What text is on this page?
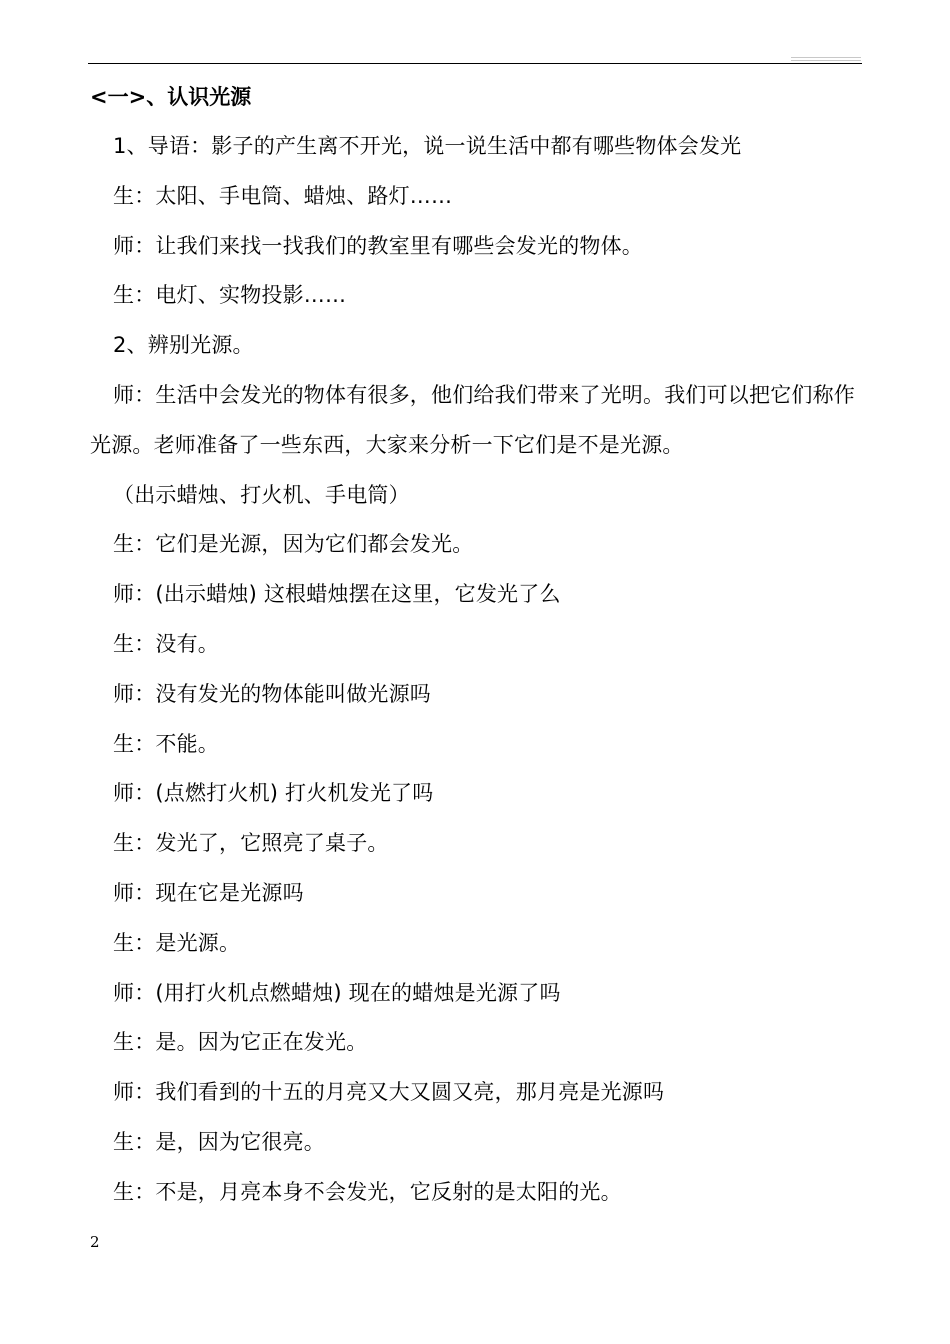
<一>、认识光源

1、导语：影子的产生离不开光，说一说生活中都有哪些物体会发光

生：太阳、手电筒、蜡烛、路灯……

师：让我们来找一找我们的教室里有哪些会发光的物体。

生：电灯、实物投影……

2、辨别光源。

师：生活中会发光的物体有很多，他们给我们带来了光明。我们可以把它们称作光源。老师准备了一些东西，大家来分析一下它们是不是光源。

（出示蜡烛、打火机、手电筒）

生：它们是光源，因为它们都会发光。

师：(出示蜡烛) 这根蜡烛摆在这里，它发光了么

生：没有。

师：没有发光的物体能叫做光源吗

生：不能。

师：(点燃打火机) 打火机发光了吗

生：发光了，它照亮了桌子。

师：现在它是光源吗

生：是光源。

师：(用打火机点燃蜡烛) 现在的蜡烛是光源了吗

生：是。因为它正在发光。

师：我们看到的十五的月亮又大又圆又亮，那月亮是光源吗

生：是，因为它很亮。

生：不是，月亮本身不会发光，它反射的是太阳的光。

2
